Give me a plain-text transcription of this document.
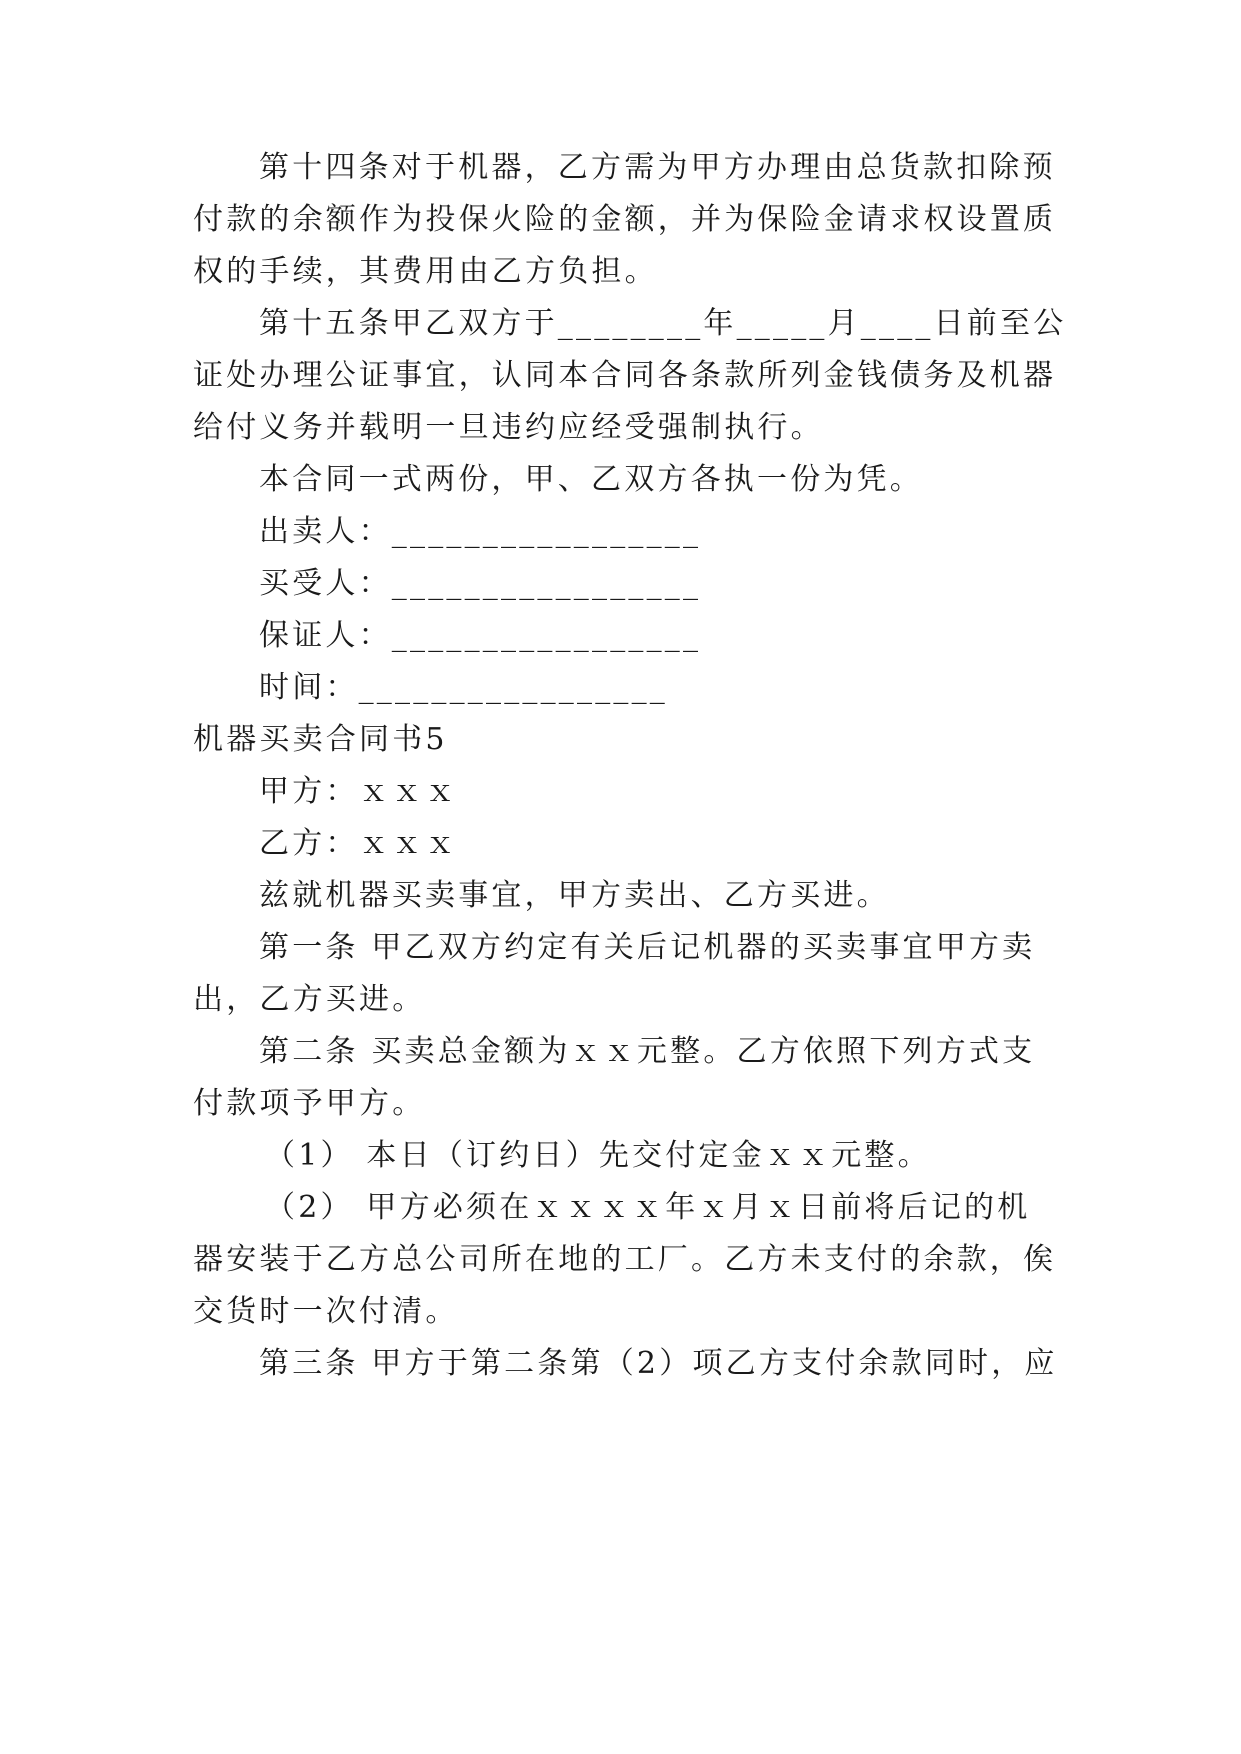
第十四条对于机器，乙方需为甲方办理由总货款扣除预
付款的余额作为投保火险的金额，并为保险金请求权设置质
权的手续，其费用由乙方负担。
第十五条甲乙双方于________年_____月____日前至公
证处办理公证事宜，认同本合同各条款所列金钱债务及机器
给付义务并载明一旦违约应经受强制执行。
本合同一式两份，甲、乙双方各执一份为凭。
出卖人：_________________
买受人：_________________
保证人：_________________
时间：_________________
机器买卖合同书5
甲方：ｘｘｘ
乙方：ｘｘｘ
兹就机器买卖事宜，甲方卖出、乙方买进。
第一条 甲乙双方约定有关后记机器的买卖事宜甲方卖
出，乙方买进。
第二条 买卖总金额为ｘｘ元整。乙方依照下列方式支
付款项予甲方。
（1） 本日（订约日）先交付定金ｘｘ元整。
（2） 甲方必须在ｘｘｘｘ年ｘ月ｘ日前将后记的机
器安装于乙方总公司所在地的工厂。乙方未支付的余款，俟
交货时一次付清。
第三条 甲方于第二条第（2）项乙方支付余款同时，应
